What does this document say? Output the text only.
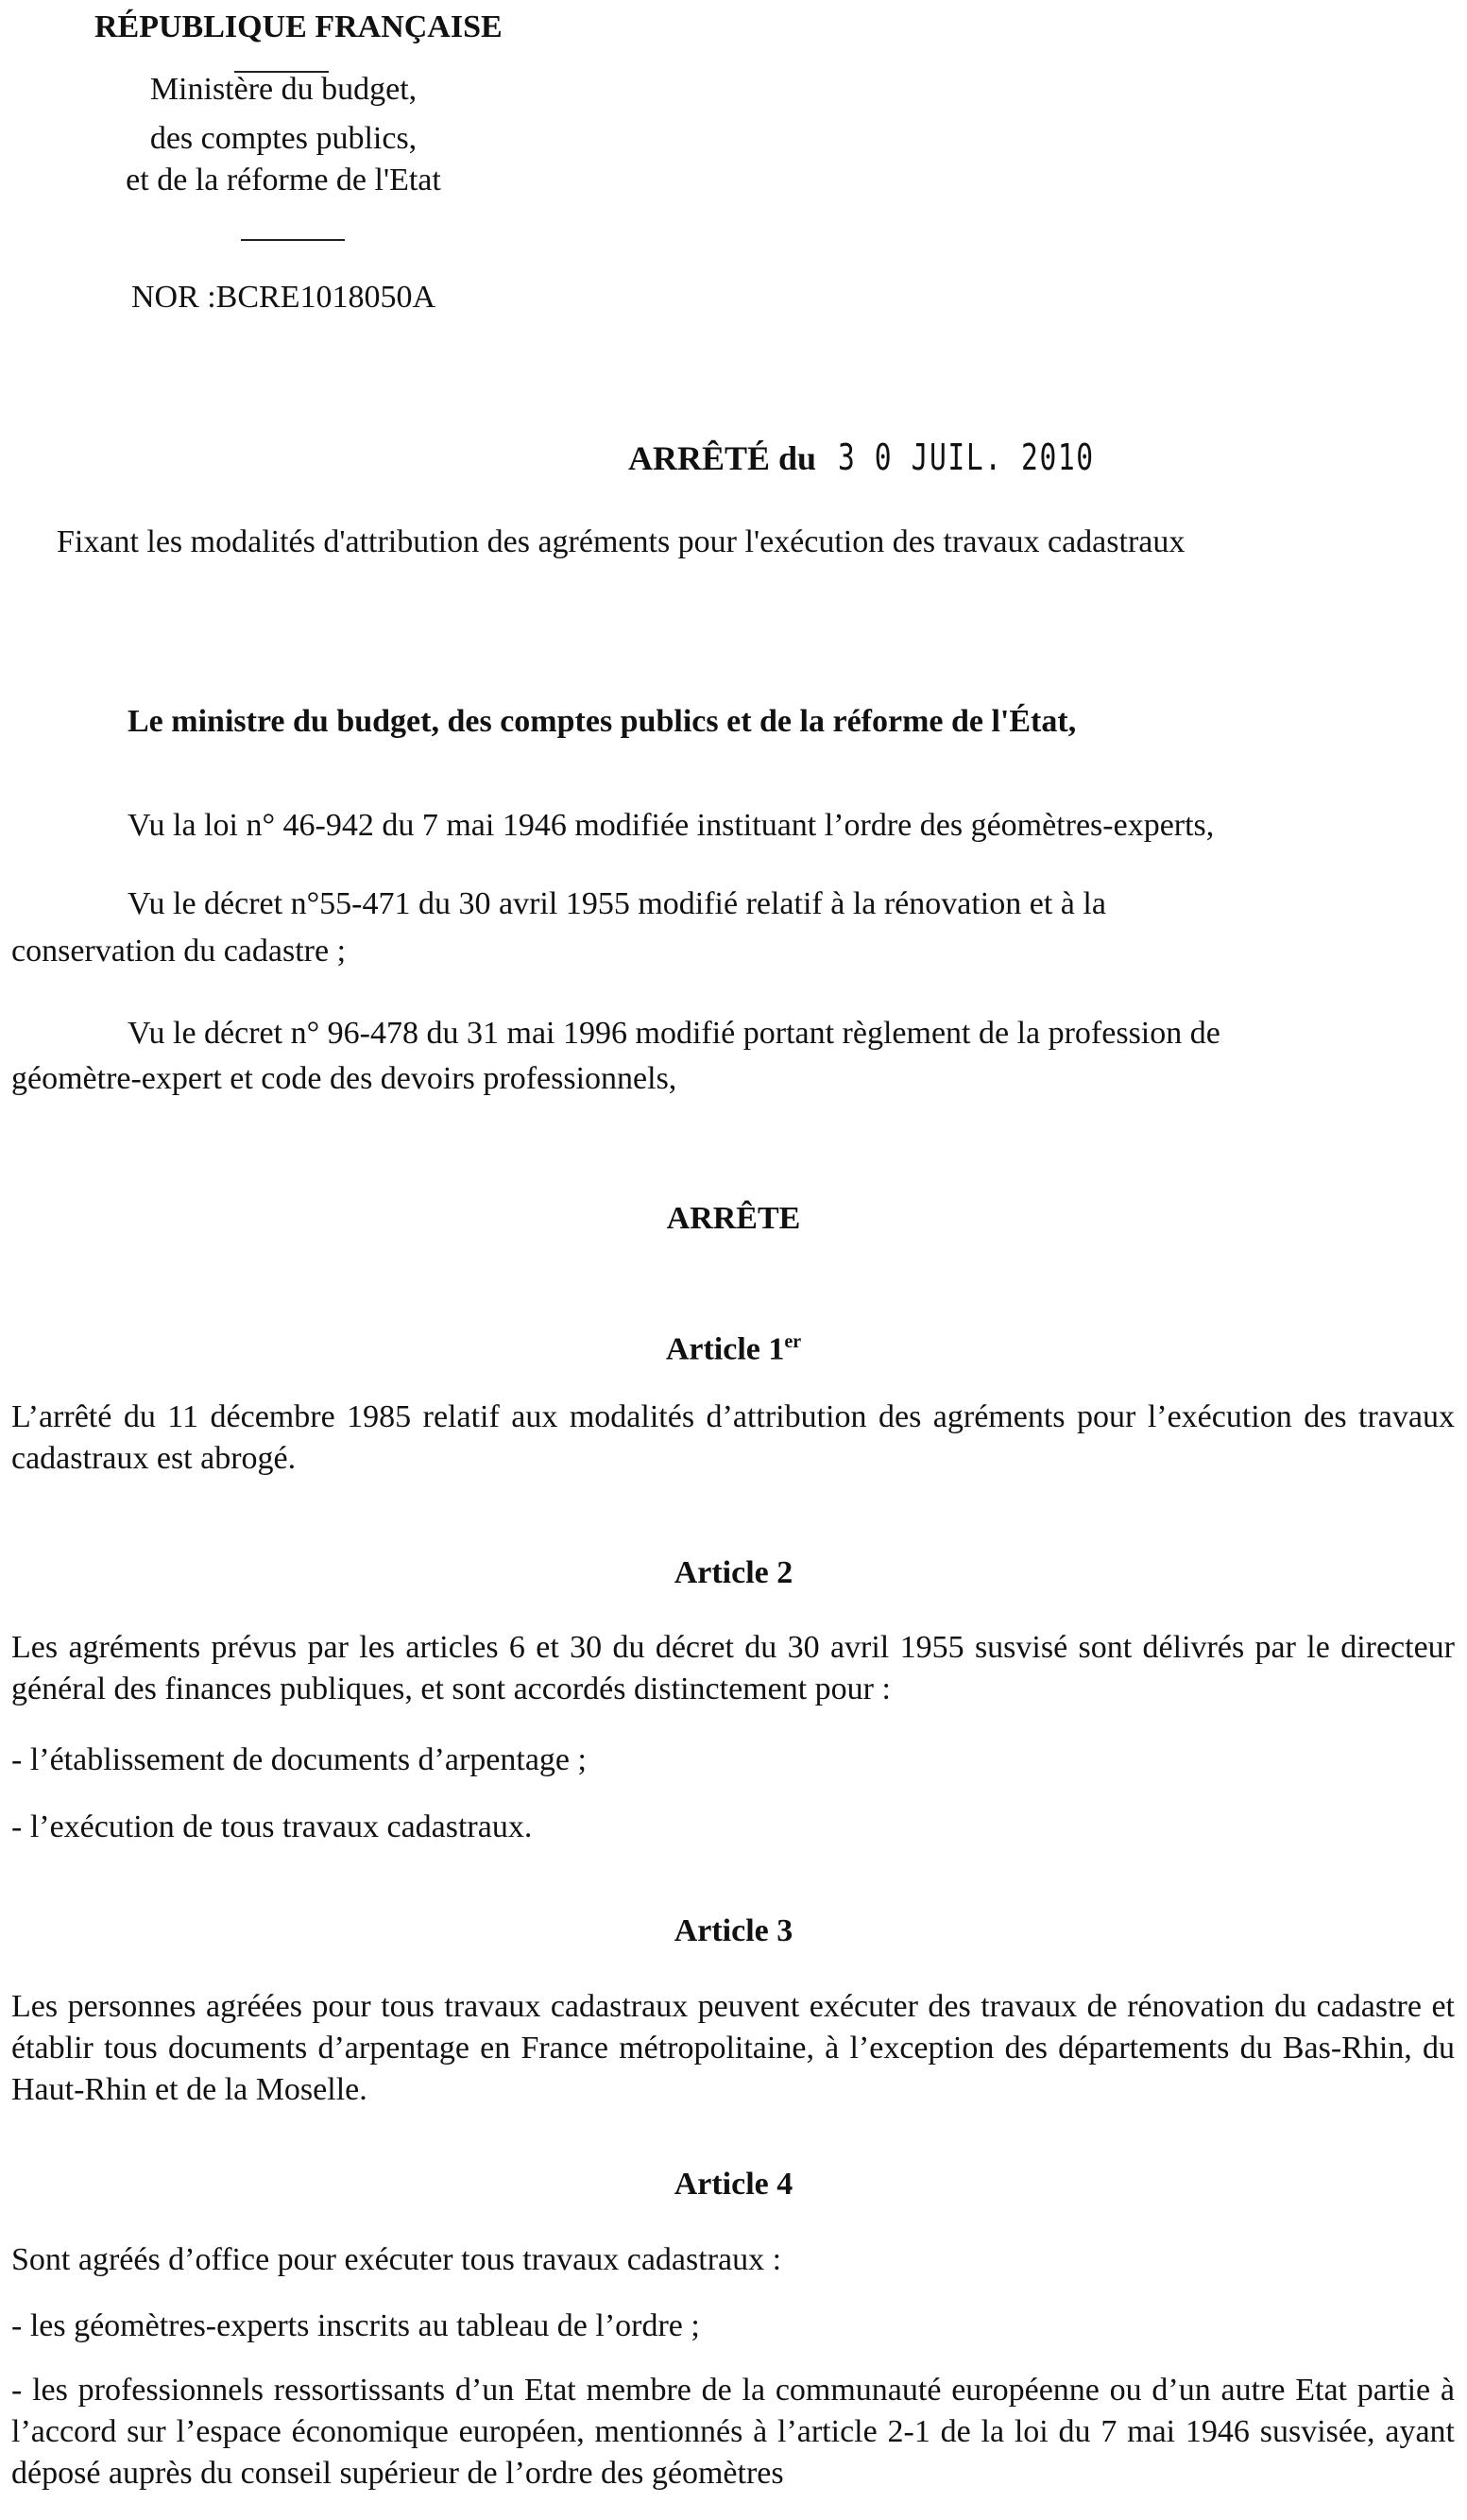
RÉPUBLIQUE FRANÇAISE
Ministère du budget,
des comptes publics,
et de la réforme de l'Etat
NOR :BCRE1018050A
ARRÊTÉ du 3 0 JUIL. 2010
Fixant les modalités d'attribution des agréments pour l'exécution des travaux cadastraux
Le ministre du budget, des comptes publics et de la réforme de l'État,
Vu la loi n° 46-942 du 7 mai 1946 modifiée instituant l’ordre des géomètres-experts,
Vu le décret n°55-471 du 30 avril 1955 modifié relatif à la rénovation et à la
conservation du cadastre ;
Vu le décret n° 96-478 du 31 mai 1996 modifié portant règlement de la profession de
géomètre-expert et code des devoirs professionnels,
ARRÊTE
Article 1er
L’arrêté du 11 décembre 1985 relatif aux modalités d’attribution des agréments pour l’exécution des travaux cadastraux est abrogé.
Article 2
Les agréments prévus par les articles 6 et 30 du décret du 30 avril 1955 susvisé sont délivrés par le directeur général des finances publiques, et sont accordés distinctement pour :
- l’établissement de documents d’arpentage ;
- l’exécution de tous travaux cadastraux.
Article 3
Les personnes agréées pour tous travaux cadastraux peuvent exécuter des travaux de rénovation du cadastre et établir tous documents d’arpentage en France métropolitaine, à l’exception des départements du Bas-Rhin, du Haut-Rhin et de la Moselle.
Article 4
Sont agréés d’office pour exécuter tous travaux cadastraux :
- les géomètres-experts inscrits au tableau de l’ordre ;
- les professionnels ressortissants d’un Etat membre de la communauté européenne ou d’un autre Etat partie à l’accord sur l’espace économique européen, mentionnés à l’article 2-1 de la loi du 7 mai 1946 susvisée, ayant déposé auprès du conseil supérieur de l’ordre des géomètres
